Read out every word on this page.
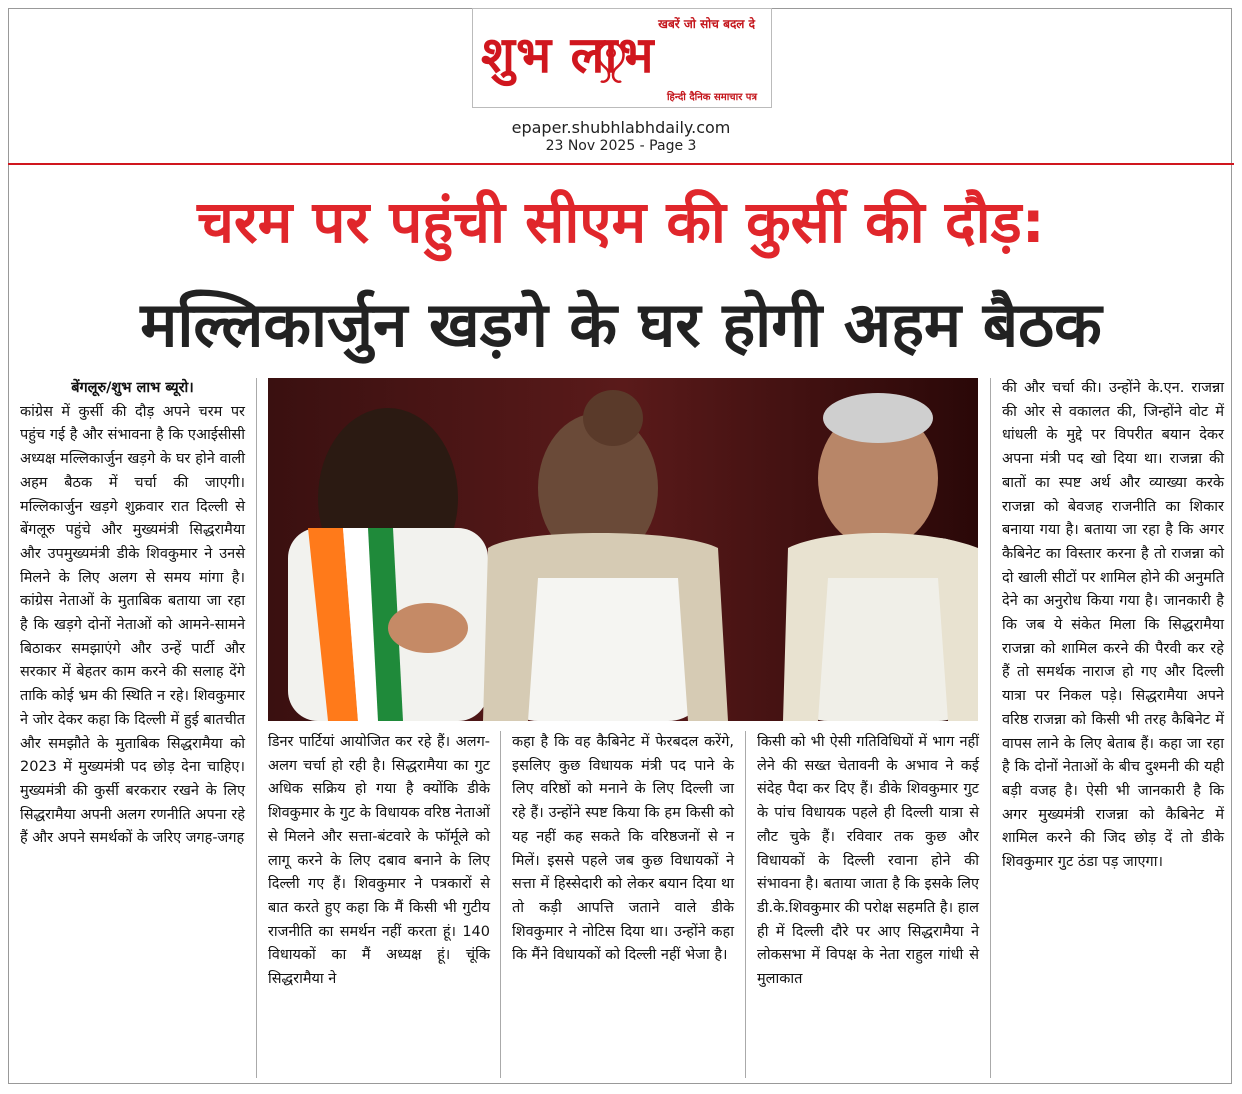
खबरें जो सोच बदल दे
शुभ लाभ
हिन्दी दैनिक समाचार पत्र
epaper.shubhlabhdaily.com
23 Nov 2025 - Page 3
चरम पर पहुंची सीएम की कुर्सी की दौड़:
मल्लिकार्जुन खड़गे के घर होगी अहम बैठक

बेंगलूरु/शुभ लाभ ब्यूरो।

कांग्रेस में कुर्सी की दौड़ अपने चरम पर पहुंच गई है और संभावना है कि एआईसीसी अध्यक्ष मल्लिकार्जुन खड़गे के घर होने वाली अहम बैठक में चर्चा की जाएगी। मल्लिकार्जुन खड़गे शुक्रवार रात दिल्ली से बेंगलूरु पहुंचे और मुख्यमंत्री सिद्धरामैया और उपमुख्यमंत्री डीके शिवकुमार ने उनसे मिलने के लिए अलग से समय मांगा है। कांग्रेस नेताओं के मुताबिक बताया जा रहा है कि खड़गे दोनों नेताओं को आमने-सामने बिठाकर समझाएंगे और उन्हें पार्टी और सरकार में बेहतर काम करने की सलाह देंगे ताकि कोई भ्रम की स्थिति न रहे। शिवकुमार ने जोर देकर कहा कि दिल्ली में हुई बातचीत और समझौते के मुताबिक सिद्धरामैया को 2023 में मुख्यमंत्री पद छोड़ देना चाहिए। मुख्यमंत्री की कुर्सी बरकरार रखने के लिए सिद्धरामैया अपनी अलग रणनीति अपना रहे हैं और अपने समर्थकों के जरिए जगह-जगह

डिनर पार्टियां आयोजित कर रहे हैं। अलग-अलग चर्चा हो रही है। सिद्धरामैया का गुट अधिक सक्रिय हो गया है क्योंकि डीके शिवकुमार के गुट के विधायक वरिष्ठ नेताओं से मिलने और सत्ता-बंटवारे के फॉर्मूले को लागू करने के लिए दबाव बनाने के लिए दिल्ली गए हैं। शिवकुमार ने पत्रकारों से बात करते हुए कहा कि मैं किसी भी गुटीय राजनीति का समर्थन नहीं करता हूं। 140 विधायकों का मैं अध्यक्ष हूं। चूंकि सिद्धरामैया ने

कहा है कि वह कैबिनेट में फेरबदल करेंगे, इसलिए कुछ विधायक मंत्री पद पाने के लिए वरिष्ठों को मनाने के लिए दिल्ली जा रहे हैं। उन्होंने स्पष्ट किया कि हम किसी को यह नहीं कह सकते कि वरिष्ठजनों से न मिलें। इससे पहले जब कुछ विधायकों ने सत्ता में हिस्सेदारी को लेकर बयान दिया था तो कड़ी आपत्ति जताने वाले डीके शिवकुमार ने नोटिस दिया था। उन्होंने कहा कि मैंने विधायकों को दिल्ली नहीं भेजा है।

किसी को भी ऐसी गतिविधियों में भाग नहीं लेने की सख्त चेतावनी के अभाव ने कई संदेह पैदा कर दिए हैं। डीके शिवकुमार गुट के पांच विधायक पहले ही दिल्ली यात्रा से लौट चुके हैं। रविवार तक कुछ और विधायकों के दिल्ली रवाना होने की संभावना है। बताया जाता है कि इसके लिए डी.के.शिवकुमार की परोक्ष सहमति है। हाल ही में दिल्ली दौरे पर आए सिद्धरामैया ने लोकसभा में विपक्ष के नेता राहुल गांधी से मुलाकात

की और चर्चा की। उन्होंने के.एन. राजन्ना की ओर से वकालत की, जिन्होंने वोट में धांधली के मुद्दे पर विपरीत बयान देकर अपना मंत्री पद खो दिया था। राजन्ना की बातों का स्पष्ट अर्थ और व्याख्या करके राजन्ना को बेवजह राजनीति का शिकार बनाया गया है। बताया जा रहा है कि अगर कैबिनेट का विस्तार करना है तो राजन्ना को दो खाली सीटों पर शामिल होने की अनुमति देने का अनुरोध किया गया है। जानकारी है कि जब ये संकेत मिला कि सिद्धरामैया राजन्ना को शामिल करने की पैरवी कर रहे हैं तो समर्थक नाराज हो गए और दिल्ली यात्रा पर निकल पड़े। सिद्धरामैया अपने वरिष्ठ राजन्ना को किसी भी तरह कैबिनेट में वापस लाने के लिए बेताब हैं। कहा जा रहा है कि दोनों नेताओं के बीच दुश्मनी की यही बड़ी वजह है। ऐसी भी जानकारी है कि अगर मुख्यमंत्री राजन्ना को कैबिनेट में शामिल करने की जिद छोड़ दें तो डीके शिवकुमार गुट ठंडा पड़ जाएगा।
